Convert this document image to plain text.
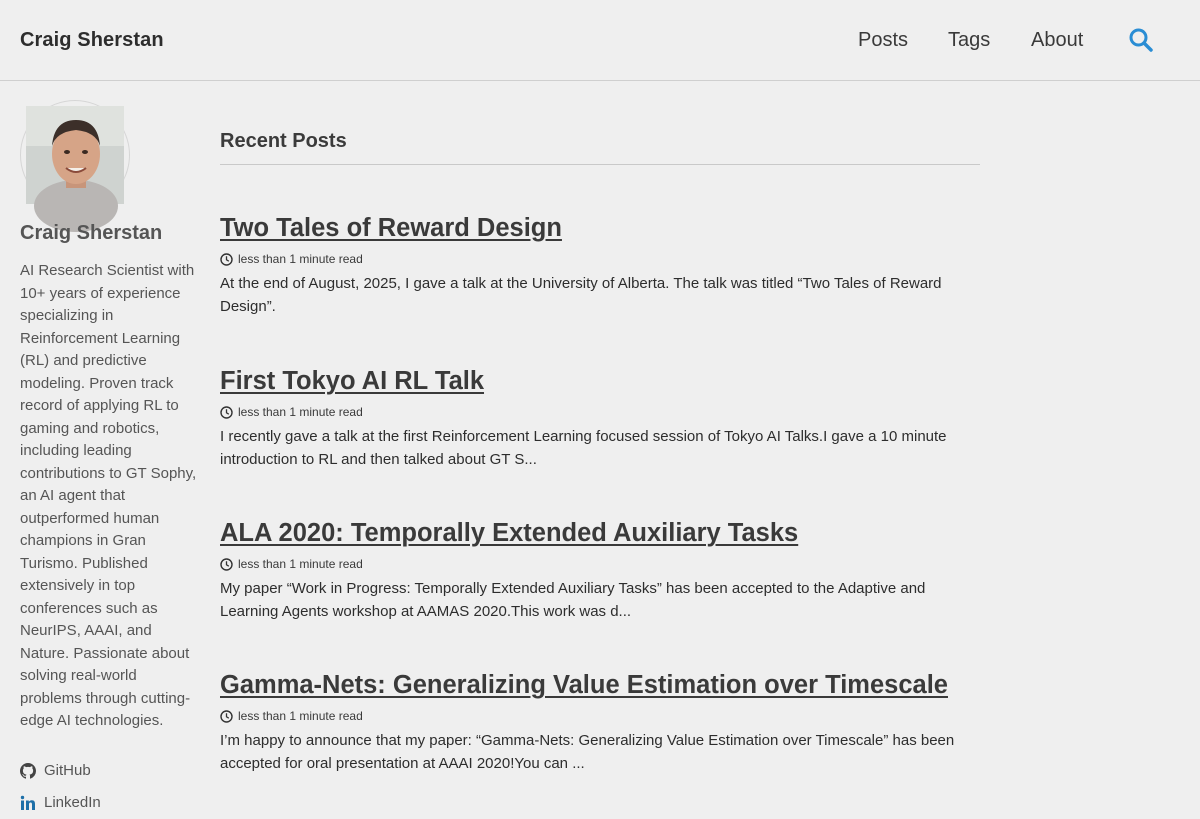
Craig Sherstan	Posts Tags About
Craig Sherstan

AI Research Scientist with 10+ years of experience specializing in Reinforcement Learning (RL) and predictive modeling. Proven track record of applying RL to gaming and robotics, including leading contributions to GT Sophy, an AI agent that outperformed human champions in Gran Turismo. Published extensively in top conferences such as NeurIPS, AAAI, and Nature. Passionate about solving real-world problems through cutting-edge AI technologies.

GitHub
LinkedIn
Recent Posts
Two Tales of Reward Design
less than 1 minute read

At the end of August, 2025, I gave a talk at the University of Alberta. The talk was titled “Two Tales of Reward Design”.

First Tokyo AI RL Talk
less than 1 minute read

I recently gave a talk at the first Reinforcement Learning focused session of Tokyo AI Talks.I gave a 10 minute introduction to RL and then talked about GT S...

ALA 2020: Temporally Extended Auxiliary Tasks
less than 1 minute read

My paper “Work in Progress: Temporally Extended Auxiliary Tasks” has been accepted to the Adaptive and Learning Agents workshop at AAMAS 2020.This work was d...

Gamma-Nets: Generalizing Value Estimation over Timescale
less than 1 minute read

I’m happy to announce that my paper: “Gamma-Nets: Generalizing Value Estimation over Timescale” has been accepted for oral presentation at AAAI 2020!You can ...
